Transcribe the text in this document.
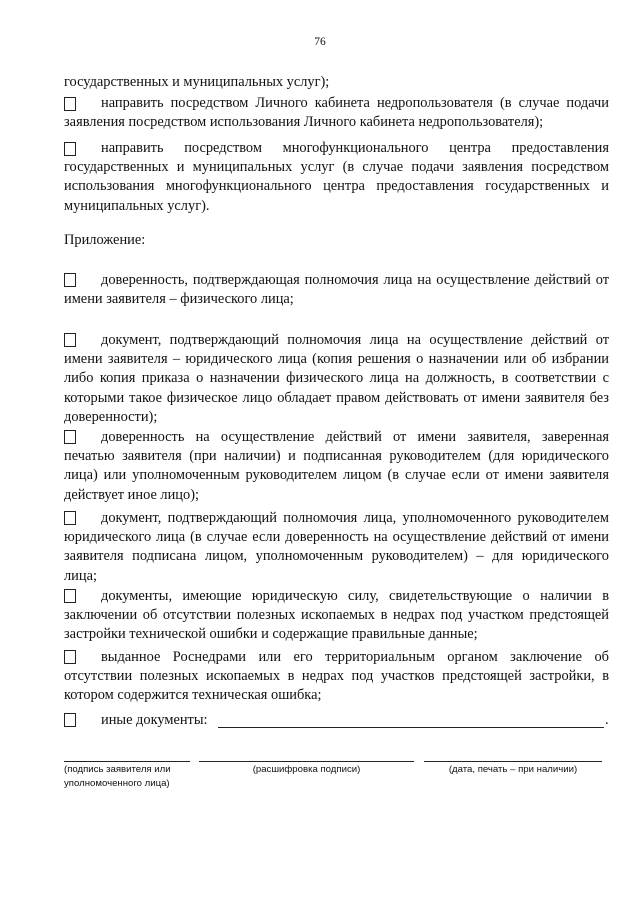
76
государственных и муниципальных услуг);
направить посредством Личного кабинета недропользователя (в случае подачи заявления посредством использования Личного кабинета недропользователя);
направить посредством многофункционального центра предоставления государственных и муниципальных услуг (в случае подачи заявления посредством использования многофункционального центра предоставления государственных и муниципальных услуг).
Приложение:
доверенность, подтверждающая полномочия лица на осуществление действий от имени заявителя – физического лица;
документ, подтверждающий полномочия лица на осуществление действий от имени заявителя – юридического лица (копия решения о назначении или об избрании либо копия приказа о назначении физического лица на должность, в соответствии с которыми такое физическое лицо обладает правом действовать от имени заявителя без доверенности);
доверенность на осуществление действий от имени заявителя, заверенная печатью заявителя (при наличии) и подписанная руководителем (для юридического лица) или уполномоченным руководителем лицом (в случае если от имени заявителя действует иное лицо);
документ, подтверждающий полномочия лица, уполномоченного руководителем юридического лица (в случае если доверенность на осуществление действий от имени заявителя подписана лицом, уполномоченным руководителем) – для юридического лица;
документы, имеющие юридическую силу, свидетельствующие о наличии в заключении об отсутствии полезных ископаемых в недрах под участком предстоящей застройки технической ошибки и содержащие правильные данные;
выданное Роснедрами или его территориальным органом заключение об отсутствии полезных ископаемых в недрах под участков предстоящей застройки, в котором содержится техническая ошибка;
иные документы:	.
(подпись заявителя или уполномоченного лица)
(расшифровка подписи)	(дата, печать – при наличии)
